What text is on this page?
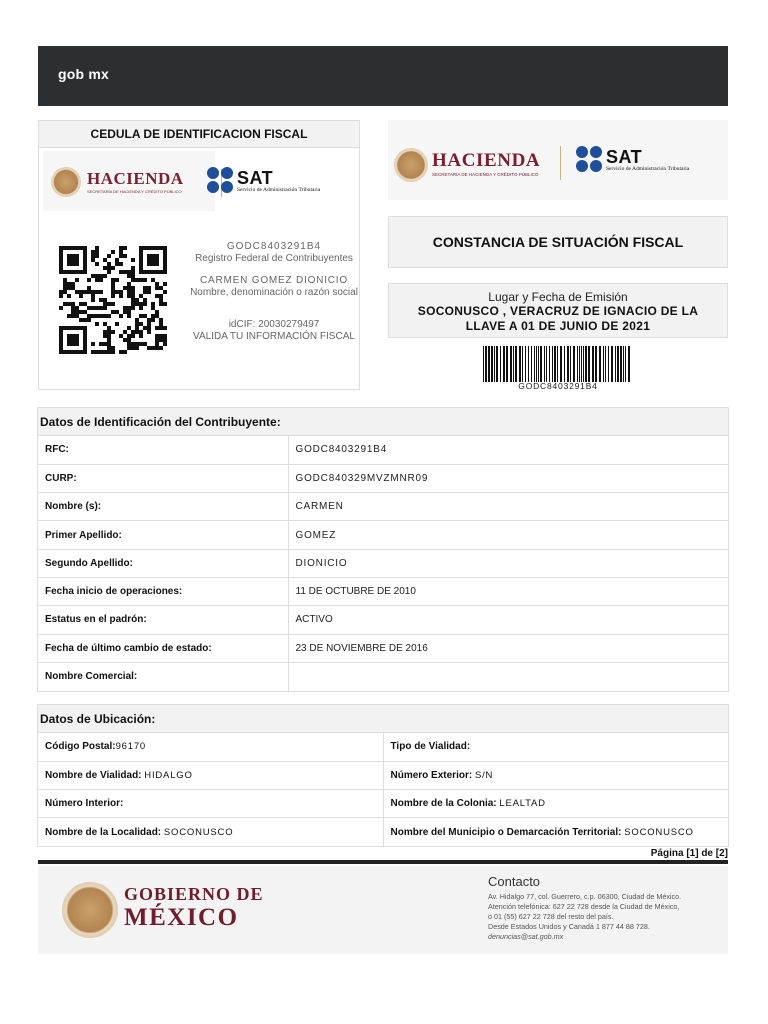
gob mx
CEDULA DE IDENTIFICACION FISCAL
HACIENDA
SECRETARÍA DE HACIENDA Y CRÉDITO PÚBLICO
SAT
Servicio de Administración Tributaria
GODC8403291B4
Registro Federal de Contribuyentes
CARMEN GOMEZ DIONICIO
Nombre, denominación o razón social
idCIF: 20030279497
VALIDA TU INFORMACIÓN FISCAL
HACIENDA
SECRETARÍA DE HACIENDA Y CRÉDITO PÚBLICO
SAT
Servicio de Administración Tributaria
CONSTANCIA DE SITUACIÓN FISCAL
Lugar y Fecha de Emisión
SOCONUSCO , VERACRUZ DE IGNACIO DE LA LLAVE A 01 DE JUNIO DE 2021
GODC8403291B4
Datos de Identificación del Contribuyente:
RFC:	GODC8403291B4
CURP:	GODC840329MVZMNR09
Nombre (s):	CARMEN
Primer Apellido:	GOMEZ
Segundo Apellido:	DIONICIO
Fecha inicio de operaciones:	11 DE OCTUBRE DE 2010
Estatus en el padrón:	ACTIVO
Fecha de último cambio de estado:	23 DE NOVIEMBRE DE 2016
Nombre Comercial:	
Datos de Ubicación:
Código Postal:96170	Tipo de Vialidad:
Nombre de Vialidad: HIDALGO	Número Exterior: S/N
Número Interior:	Nombre de la Colonia: LEALTAD
Nombre de la Localidad: SOCONUSCO	Nombre del Municipio o Demarcación Territorial: SOCONUSCO
Página [1] de [2]
GOBIERNO DE
MÉXICO
Contacto
Av. Hidalgo 77, col. Guerrero, c.p. 06300, Ciudad de México.
Atención telefónica: 627 22 728 desde la Ciudad de México,
o 01 (55) 627 22 728 del resto del país.
Desde Estados Unidos y Canadá 1 877 44 88 728.
denuncias@sat.gob.mx
